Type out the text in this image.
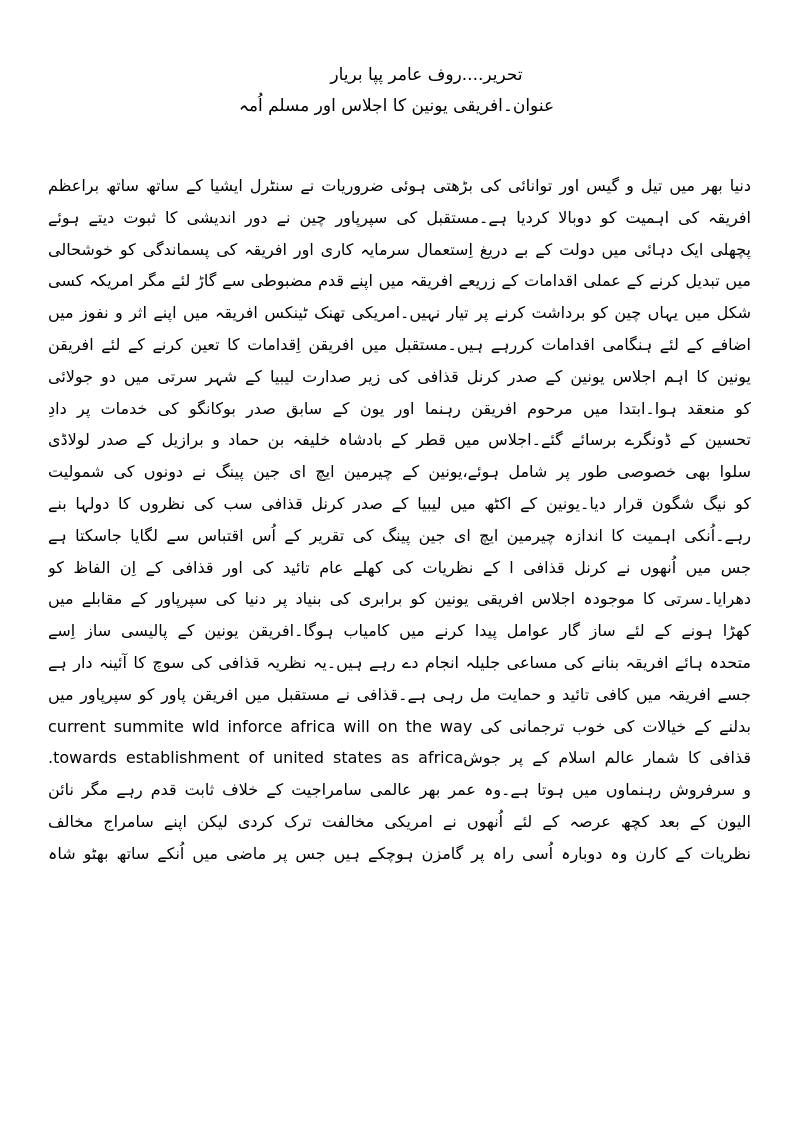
تحریر....روف عامر پپا بریار
عنوان۔افریقی یونین کا اجلاس اور مسلم اُمہ
دنیا بھر میں تیل و گیس اور توانائی کی بڑھتی ہوئی ضروریات نے سنٹرل ایشیا کے ساتھ ساتھ براعظم
افریقہ کی اہمیت کو دوبالا کردیا ہے۔مستقبل کی سپرپاور چین نے دور اندیشی کا ثبوت دیتے ہوئے
پچھلی ایک دہائی میں دولت کے بے دریغ اِستعمال سرمایہ کاری اور افریقہ کی پسماندگی کو خوشحالی
میں تبدیل کرنے کے عملی اقدامات کے زریعے افریقہ میں اپنے قدم مضبوطی سے گاڑ لئے مگر امریکہ کسی
شکل میں یہاں چین کو برداشت کرنے پر تیار نہیں۔امریکی تھنک ٹینکس افریقہ میں اپنے اثر و نفوز میں
اضافے کے لئے ہنگامی اقدامات کررہے ہیں۔مستقبل میں افریقن اِقدامات کا تعین کرنے کے لئے افریقن
یونین کا اہم اجلاس یونین کے صدر کرنل قذافی کی زیر صدارت لیبیا کے شہر سرتی میں دو جولائی
کو منعقد ہوا۔ابتدا میں مرحوم افریقن رہنما اور یون کے سابق صدر بوکانگو کی خدمات پر دادِ
تحسین کے ڈونگرے برسائے گئے۔اجلاس میں قطر کے بادشاہ خلیفہ بن حماد و برازیل کے صدر لولاڈی
سلوا بھی خصوصی طور پر شامل ہوئے،یونین کے چیرمین ایچ ای جین پینگ نے دونوں کی شمولیت
کو نیگ شگون قرار دیا۔یونین کے اکٹھ میں لیبیا کے صدر کرنل قذافی سب کی نظروں کا دولہا بنے
رہے۔اُنکی اہمیت کا اندازہ چیرمین ایچ ای جین پینگ کی تقریر کے اُس اقتباس سے لگایا جاسکتا ہے
جس میں اُنھوں نے کرنل قذافی ا کے نظریات کی کھلے عام تائید کی اور قذافی کے اِن الفاظ کو
دھرایا۔سرتی کا موجودہ اجلاس افریقی یونین کو برابری کی بنیاد پر دنیا کی سپرپاور کے مقابلے میں
کھڑا ہونے کے لئے ساز گار عوامل پیدا کرنے میں کامیاب ہوگا۔افریقن یونین کے پالیسی ساز اِسے
متحدہ ہائے افریقہ بنانے کی مساعی جلیلہ انجام دے رہے ہیں۔یہ نظریہ قذافی کی سوچ کا آئینہ دار ہے
جسے افریقہ میں کافی تائید و حمایت مل رہی ہے۔قذافی نے مستقبل میں افریقن پاور کو سپرپاور میں
بدلنے کے خیالات کی خوب ترجمانی کی current summite wld inforce africa will on the way
.towards establishment of united states as africaقذافی کا شمار عالم اسلام کے پر جوش
و سرفروش رہنماوں میں ہوتا ہے۔وہ عمر بھر عالمی سامراجیت کے خلاف ثابت قدم رہے مگر نائن
الیون کے بعد کچھ عرصہ کے لئے اُنھوں نے امریکی مخالفت ترک کردی لیکن اپنے سامراج مخالف
نظریات کے کارن وہ دوبارہ اُسی راہ پر گامزن ہوچکے ہیں جس پر ماضی میں اُنکے ساتھ بھٹو شاہ
